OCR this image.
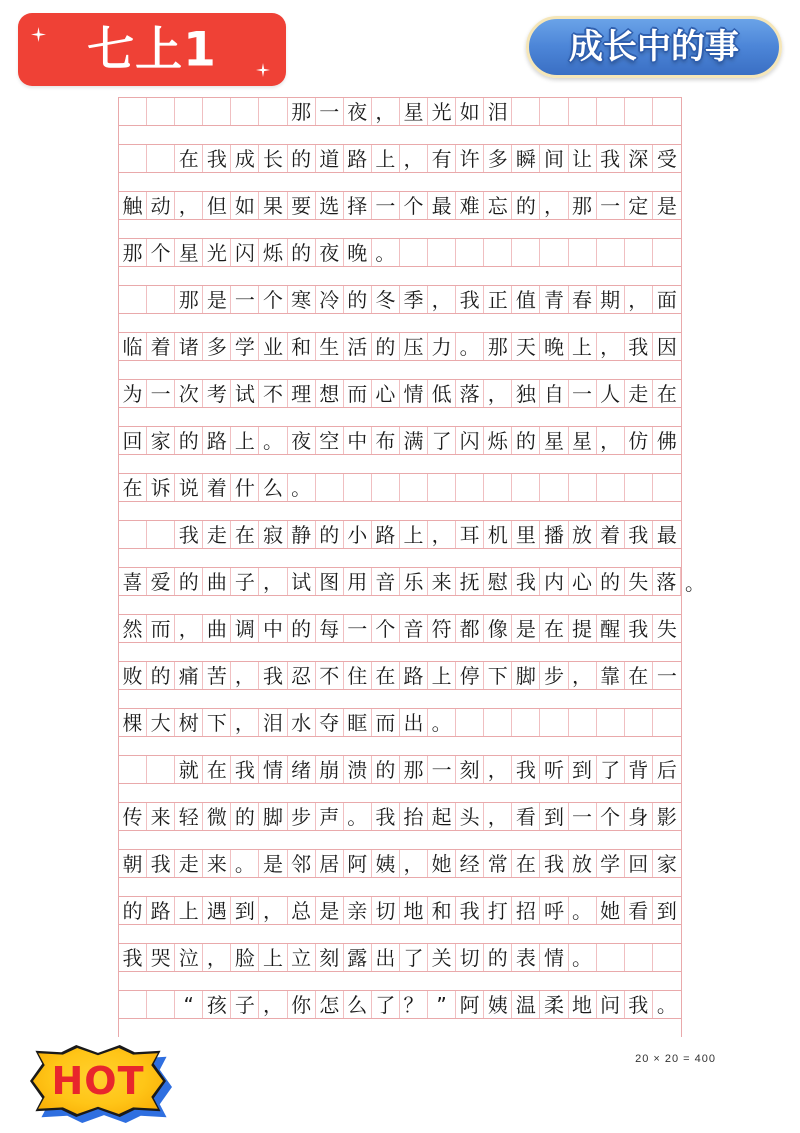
七上1	成长中的事
那 一 夜 ， 星 光 如 泪
在 我 成 长 的 道 路 上 ， 有 许 多 瞬 间 让 我 深 受
触 动 ， 但 如 果 要 选 择 一 个 最 难 忘 的 ， 那 一 定 是
那 个 星 光 闪 烁 的 夜 晚 。
那 是 一 个 寒 冷 的 冬 季 ， 我 正 值 青 春 期 ， 面
临 着 诸 多 学 业 和 生 活 的 压 力 。 那 天 晚 上 ， 我 因
为 一 次 考 试 不 理 想 而 心 情 低 落 ， 独 自 一 人 走 在
回 家 的 路 上 。 夜 空 中 布 满 了 闪 烁 的 星 星 ， 仿 佛
在 诉 说 着 什 么 。
我 走 在 寂 静 的 小 路 上 ， 耳 机 里 播 放 着 我 最
喜 爱 的 曲 子 ， 试 图 用 音 乐 来 抚 慰 我 内 心 的 失 落 。
然 而 ， 曲 调 中 的 每 一 个 音 符 都 像 是 在 提 醒 我 失
败 的 痛 苦 ， 我 忍 不 住 在 路 上 停 下 脚 步 ， 靠 在 一
棵 大 树 下 ， 泪 水 夺 眶 而 出 。
就 在 我 情 绪 崩 溃 的 那 一 刻 ， 我 听 到 了 背 后
传 来 轻 微 的 脚 步 声 。 我 抬 起 头 ， 看 到 一 个 身 影
朝 我 走 来 。 是 邻 居 阿 姨 ， 她 经 常 在 我 放 学 回 家
的 路 上 遇 到 ， 总 是 亲 切 地 和 我 打 招 呼 。 她 看 到
我 哭 泣 ， 脸 上 立 刻 露 出 了 关 切 的 表 情 。
“ 孩 子 ， 你 怎 么 了 ？ ” 阿 姨 温 柔 地 问 我 。
20 × 20 = 400
HOT
